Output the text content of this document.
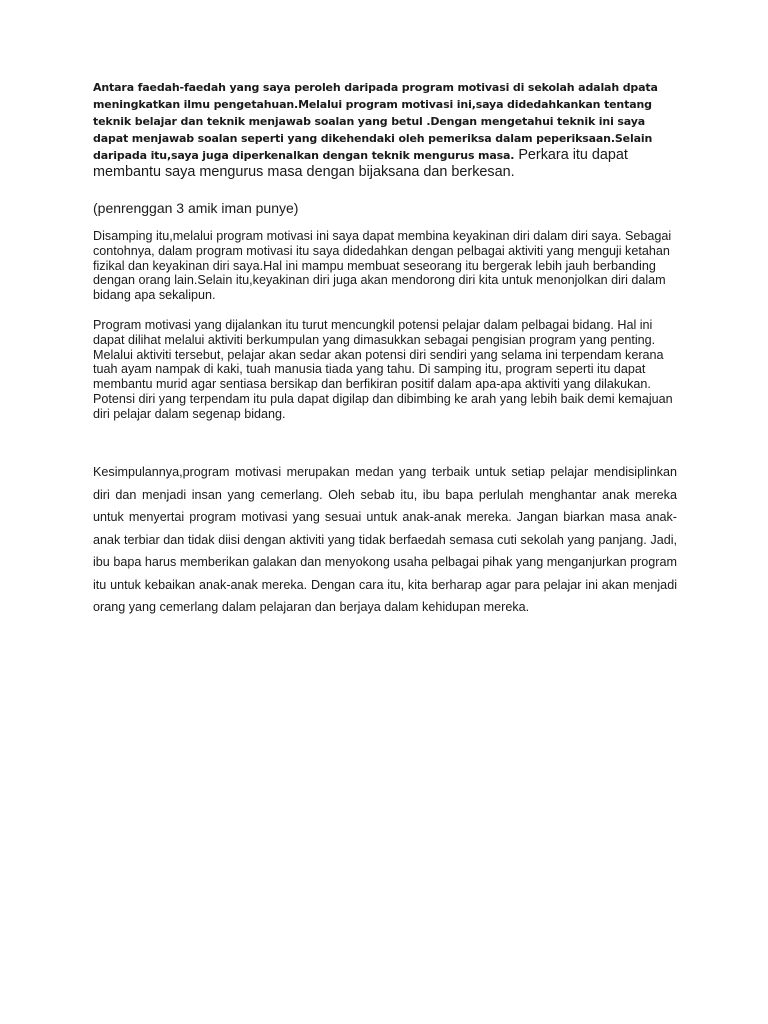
Antara faedah-faedah yang saya peroleh daripada program motivasi di sekolah adalah dpata meningkatkan ilmu pengetahuan.Melalui program motivasi ini,saya didedahkankan tentang teknik belajar dan teknik menjawab soalan yang betul .Dengan mengetahui teknik ini saya dapat menjawab soalan seperti yang dikehendaki oleh pemeriksa dalam peperiksaan.Selain daripada itu,saya juga diperkenalkan dengan teknik mengurus masa. Perkara itu dapat membantu saya mengurus masa dengan bijaksana dan berkesan.

(penrenggan 3 amik iman punye)

Disamping itu,melalui program motivasi ini saya dapat membina keyakinan diri dalam diri saya. Sebagai contohnya, dalam program motivasi itu saya didedahkan dengan pelbagai aktiviti yang menguji ketahan fizikal dan keyakinan diri saya.Hal ini mampu membuat seseorang itu bergerak lebih jauh berbanding dengan orang lain.Selain itu,keyakinan diri juga akan mendorong diri kita untuk menonjolkan diri dalam bidang apa sekalipun.

Program motivasi yang dijalankan itu turut mencungkil potensi pelajar dalam pelbagai bidang. Hal ini dapat dilihat melalui aktiviti berkumpulan yang dimasukkan sebagai pengisian program yang penting. Melalui aktiviti tersebut, pelajar akan sedar akan potensi diri sendiri yang selama ini terpendam kerana tuah ayam nampak di kaki, tuah manusia tiada yang tahu. Di samping itu, program seperti itu dapat membantu murid agar sentiasa bersikap dan berfikiran positif dalam apa-apa aktiviti yang dilakukan. Potensi diri yang terpendam itu pula dapat digilap dan dibimbing ke arah yang lebih baik demi kemajuan diri pelajar dalam segenap bidang.

Kesimpulannya,program motivasi merupakan medan yang terbaik untuk setiap pelajar mendisiplinkan diri dan menjadi insan yang cemerlang. Oleh sebab itu, ibu bapa perlulah menghantar anak mereka untuk menyertai program motivasi yang sesuai untuk anak-anak mereka. Jangan biarkan masa anak-anak terbiar dan tidak diisi dengan aktiviti yang tidak berfaedah semasa cuti sekolah yang panjang. Jadi, ibu bapa harus memberikan galakan dan menyokong usaha pelbagai pihak yang menganjurkan program itu untuk kebaikan anak-anak mereka. Dengan cara itu, kita berharap agar para pelajar ini akan menjadi orang yang cemerlang dalam pelajaran dan berjaya dalam kehidupan mereka.
